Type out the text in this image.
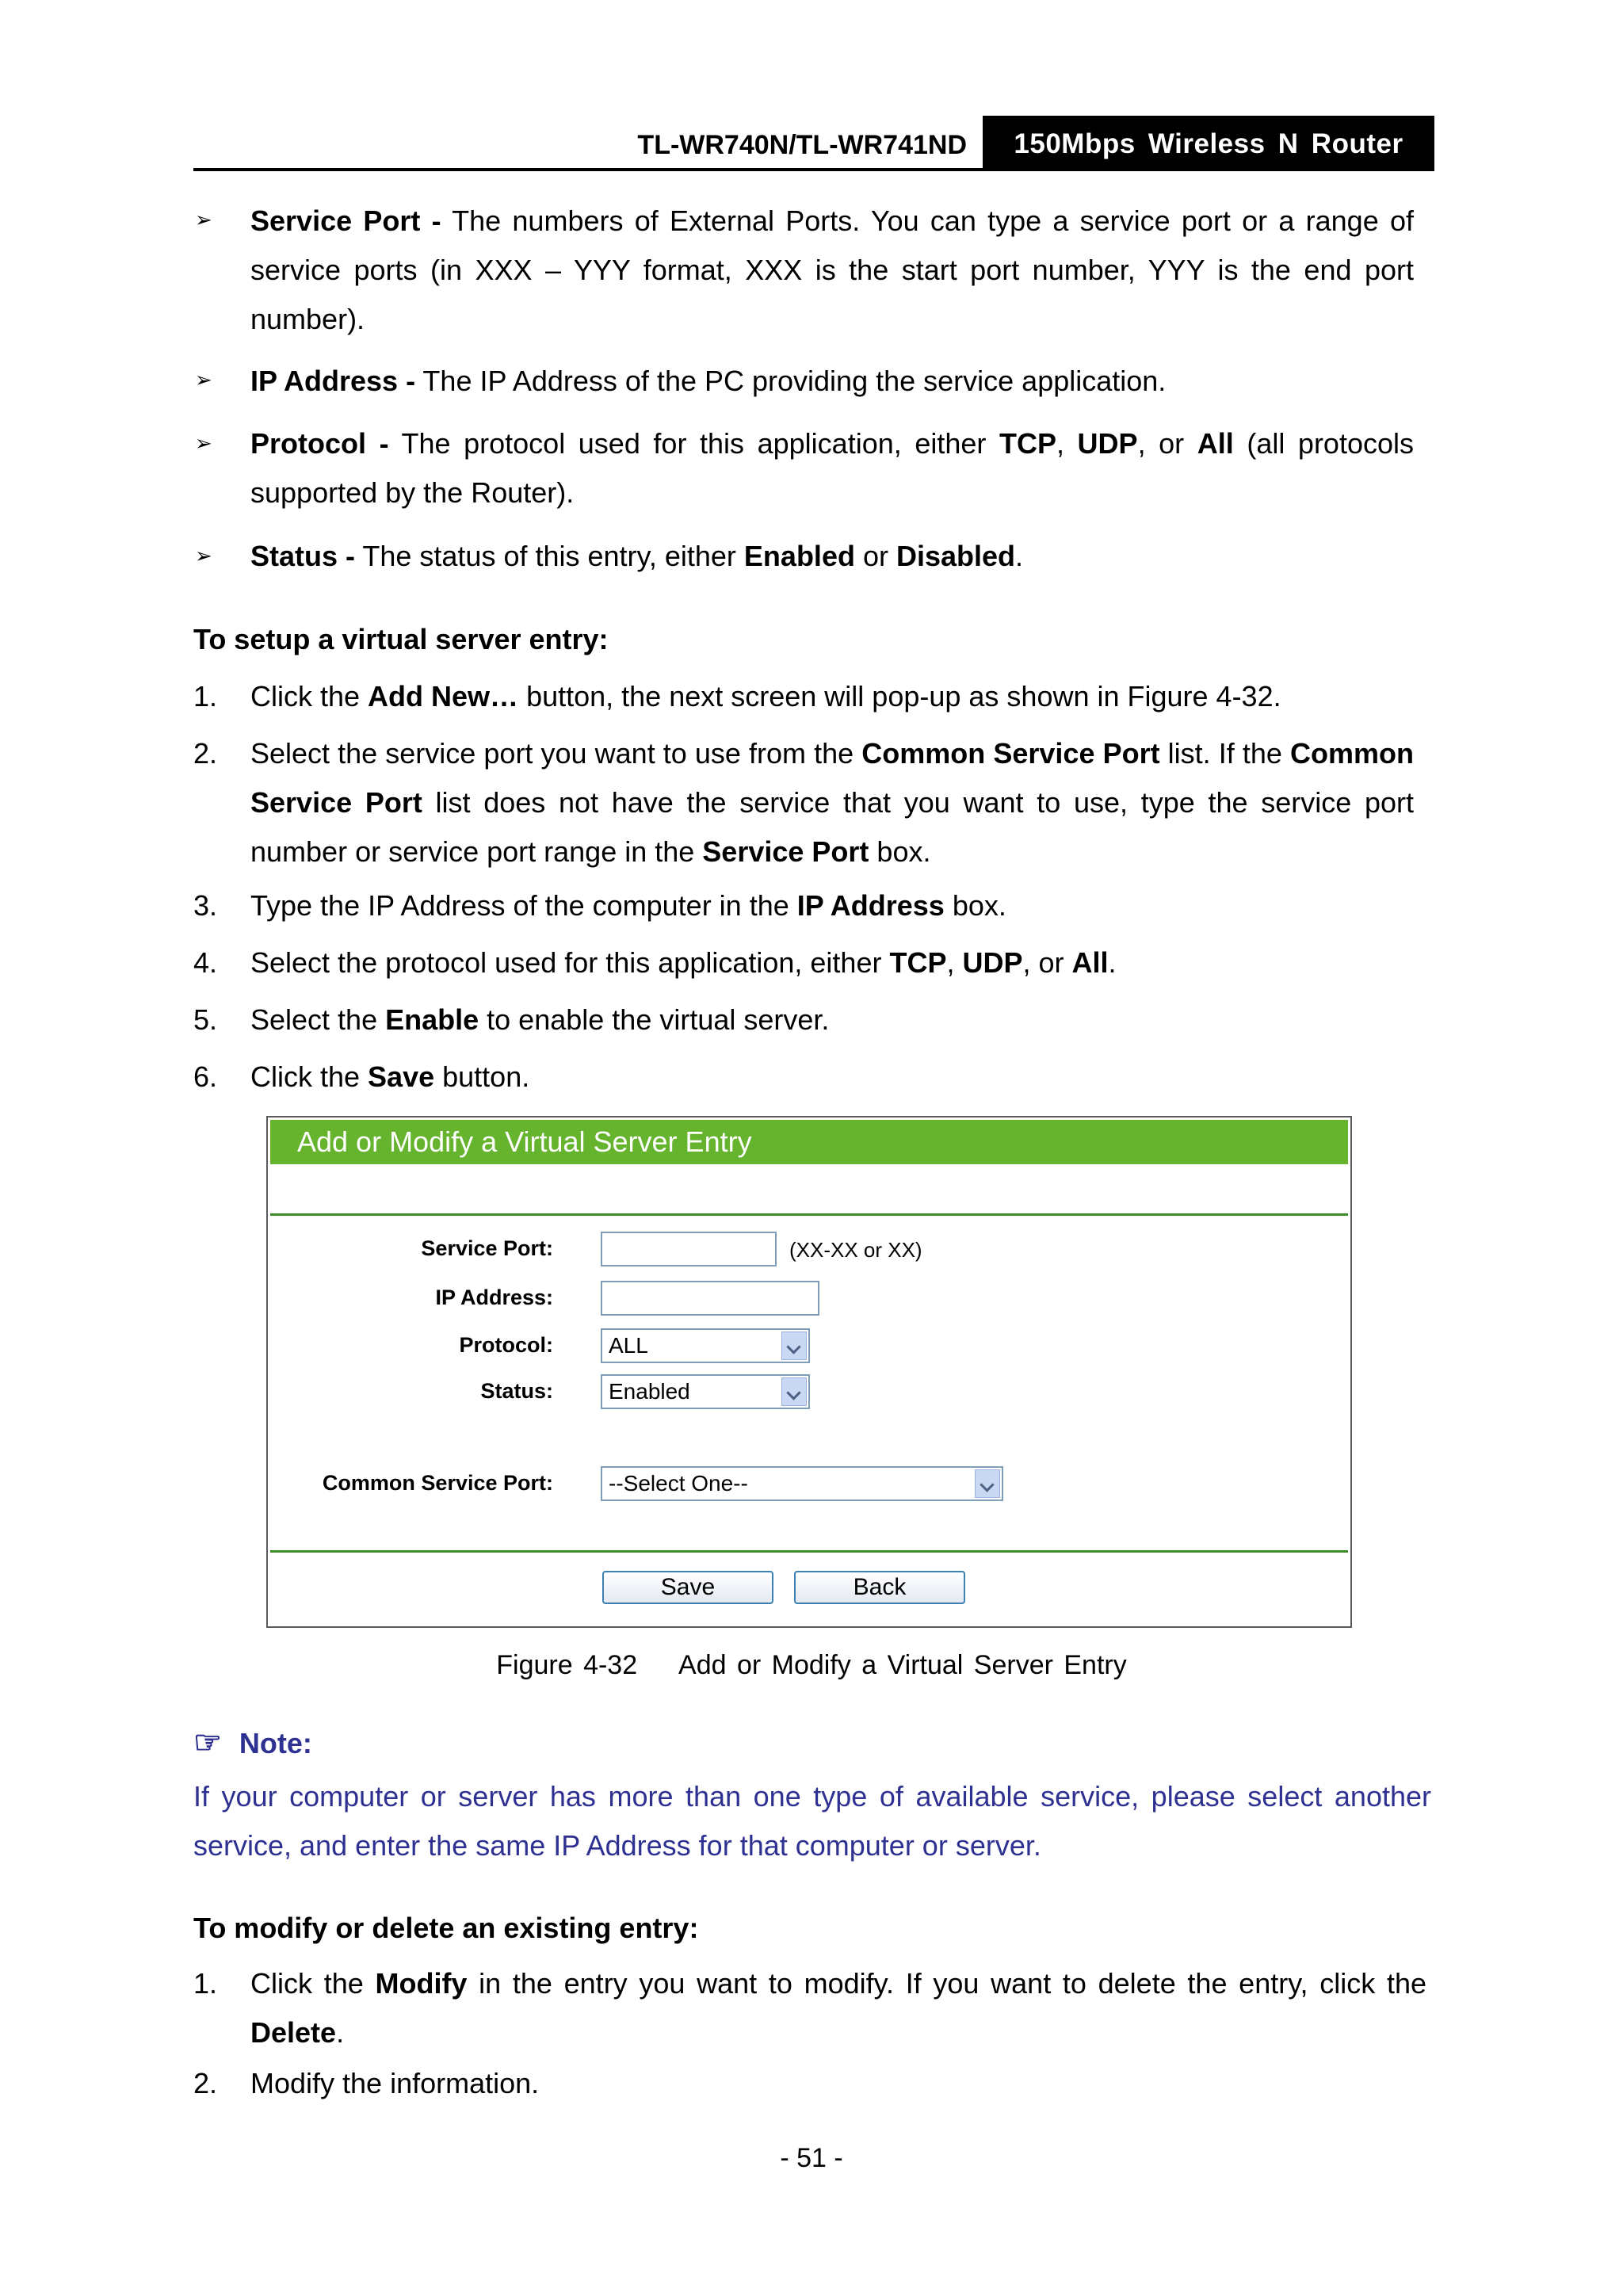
TL-WR740N/TL-WR741ND	150Mbps Wireless N Router
➢ Service Port - The numbers of External Ports. You can type a service port or a range of service ports (in XXX – YYY format, XXX is the start port number, YYY is the end port number).
➢ IP Address - The IP Address of the PC providing the service application.
➢ Protocol - The protocol used for this application, either TCP, UDP, or All (all protocols supported by the Router).
➢ Status - The status of this entry, either Enabled or Disabled.
To setup a virtual server entry:
1. Click the Add New… button, the next screen will pop-up as shown in Figure 4-32.
2. Select the service port you want to use from the Common Service Port list. If the Common Service Port list does not have the service that you want to use, type the service port number or service port range in the Service Port box.
3. Type the IP Address of the computer in the IP Address box.
4. Select the protocol used for this application, either TCP, UDP, or All.
5. Select the Enable to enable the virtual server.
6. Click the Save button.
Add or Modify a Virtual Server Entry
Service Port:	(XX-XX or XX)
IP Address:
Protocol:	ALL
Status:	Enabled
Common Service Port:	--Select One--
Save	Back
Figure 4-32    Add or Modify a Virtual Server Entry
☞ Note:
If your computer or server has more than one type of available service, please select another service, and enter the same IP Address for that computer or server.
To modify or delete an existing entry:
1. Click the Modify in the entry you want to modify. If you want to delete the entry, click the Delete.
2. Modify the information.
- 51 -
